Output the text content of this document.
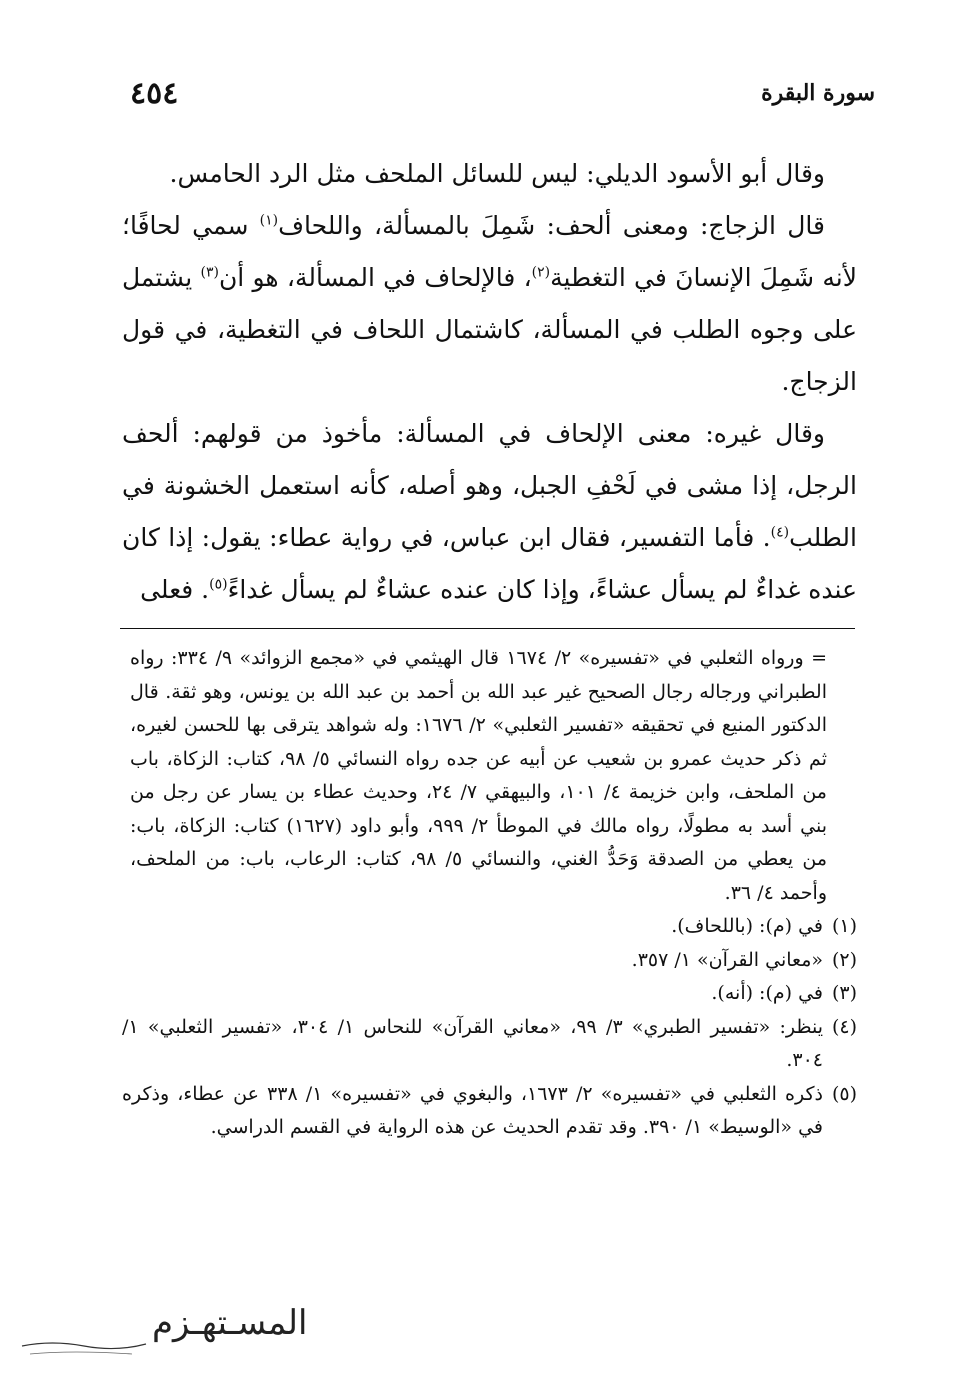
٤٥٤	سورة البقرة

وقال أبو الأسود الديلي: ليس للسائل الملحف مثل الرد الحامس.

قال الزجاج: ومعنى ألحف: شَمِلَ بالمسألة، واللحاف$^{(١)}$ سمي لحافًا؛ لأنه شَمِلَ الإنسانَ في التغطية$^{(٢)}$، فالإلحاف في المسألة، هو أن$^{(٣)}$ يشتمل على وجوه الطلب في المسألة، كاشتمال اللحاف في التغطية، في قول الزجاج.

وقال غيره: معنى الإلحاف في المسألة: مأخوذ من قولهم: ألحف الرجل، إذا مشى في لَحْفِ الجبل، وهو أصله، كأنه استعمل الخشونة في الطلب$^{(٤)}$. فأما التفسير، فقال ابن عباس، في رواية عطاء: يقول: إذا كان عنده غداءٌ لم يسأل عشاءً، وإذا كان عنده عشاءٌ لم يسأل غداءً$^{(٥)}$. فعلى

= ورواه الثعلبي في «تفسيره» ٢/ ١٦٧٤ قال الهيثمي في «مجمع الزوائد» ٩/ ٣٣٤: رواه الطبراني ورجاله رجال الصحيح غير عبد الله بن أحمد بن عبد الله بن يونس، وهو ثقة. قال الدكتور المنيع في تحقيقه «تفسير الثعلبي» ٢/ ١٦٧٦: وله شواهد يترقى بها للحسن لغيره، ثم ذكر حديث عمرو بن شعيب عن أبيه عن جده رواه النسائي ٥/ ٩٨، كتاب: الزكاة، باب من الملحف، وابن خزيمة ٤/ ١٠١، والبيهقي ٧/ ٢٤، وحديث عطاء بن يسار عن رجل من بني أسد به مطولًا، رواه مالك في الموطأ ٢/ ٩٩٩، وأبو داود (١٦٢٧) كتاب: الزكاة، باب: من يعطي من الصدقة وَحَدُّ الغني، والنسائي ٥/ ٩٨، كتاب: الرعاب، باب: من الملحف، وأحمد ٤/ ٣٦.
(١)
في (م): (باللحاف).
(٢)
«معاني القرآن» ١/ ٣٥٧.
(٣)
في (م): (أنه).
(٤)
ينظر: «تفسير الطبري» ٣/ ٩٩، «معاني القرآن» للنحاس ١/ ٣٠٤، «تفسير الثعلبي» ١/ ٣٠٤.
(٥)
ذكره الثعلبي في «تفسيره» ٢/ ١٦٧٣، والبغوي في «تفسيره» ١/ ٣٣٨ عن عطاء، وذكره في «الوسيط» ١/ ٣٩٠. وقد تقدم الحديث عن هذه الرواية في القسم الدراسي.
المسـتهـزم
